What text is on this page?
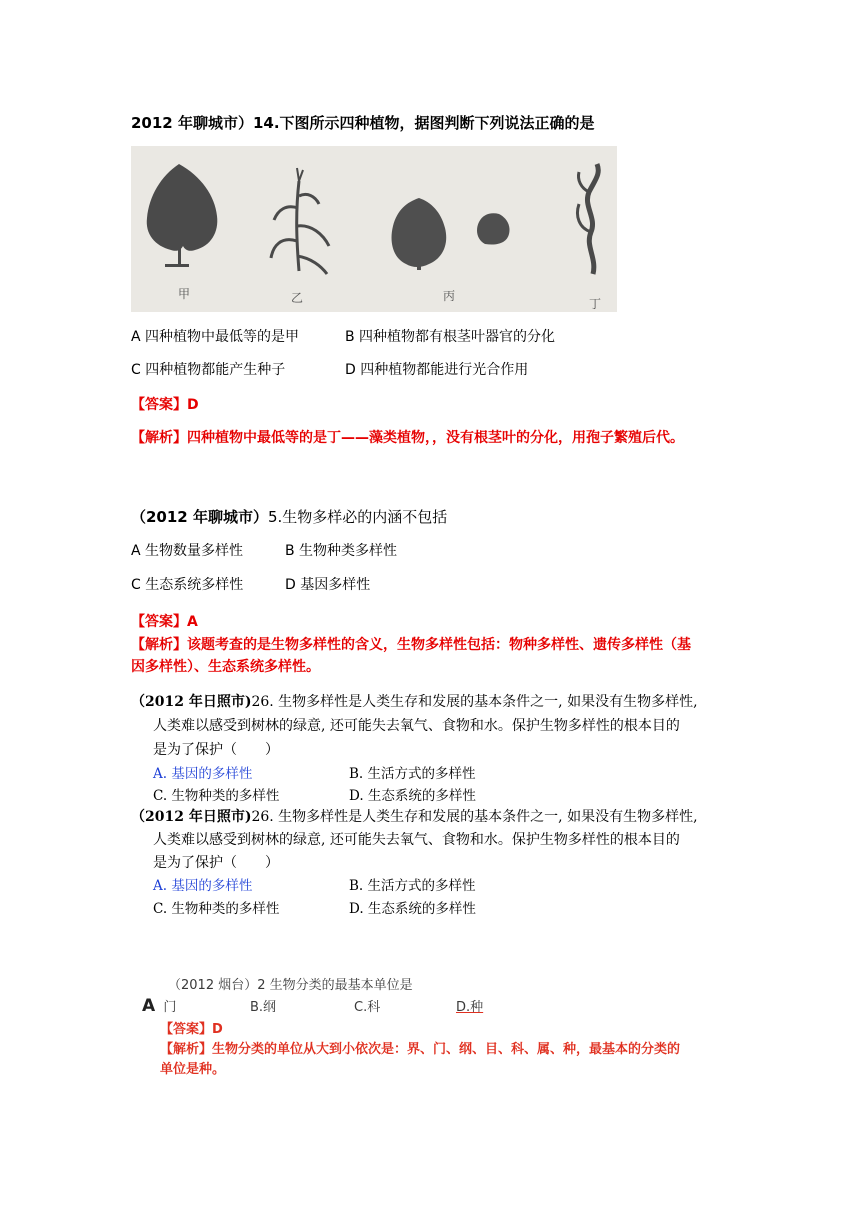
2012 年聊城市）14.下图所示四种植物，据图判断下列说法正确的是
甲	乙	丙
丁
A 四种植物中最低等的是甲	B 四种植物都有根茎叶器官的分化
C 四种植物都能产生种子	D 四种植物都能进行光合作用
【答案】D
【解析】四种植物中最低等的是丁——藻类植物，，没有根茎叶的分化，用孢子繁殖后代。
（2012 年聊城市）5.生物多样必的内涵不包括
A 生物数量多样性	B 生物种类多样性
C 生态系统多样性	D 基因多样性
【答案】A
【解析】该题考查的是生物多样性的含义，生物多样性包括：物种多样性、遗传多样性（基
因多样性）、生态系统多样性。
（2012 年日照市)26. 生物多样性是人类生存和发展的基本条件之一, 如果没有生物多样性,
人类难以感受到树林的绿意, 还可能失去氧气、食物和水。保护生物多样性的根本目的
是为了保护（　　）
A. 基因的多样性	B. 生活方式的多样性
C. 生物种类的多样性	D. 生态系统的多样性
（2012 年日照市)26. 生物多样性是人类生存和发展的基本条件之一, 如果没有生物多样性,
人类难以感受到树林的绿意, 还可能失去氧气、食物和水。保护生物多样性的根本目的
是为了保护（　　）
A. 基因的多样性	B. 生活方式的多样性
C. 生物种类的多样性	D. 生态系统的多样性
（2012 烟台）2 生物分类的最基本单位是
A 门	B.纲	C.科	D.种
【答案】D
【解析】生物分类的单位从大到小依次是：界、门、纲、目、科、属、种，最基本的分类的
单位是种。
